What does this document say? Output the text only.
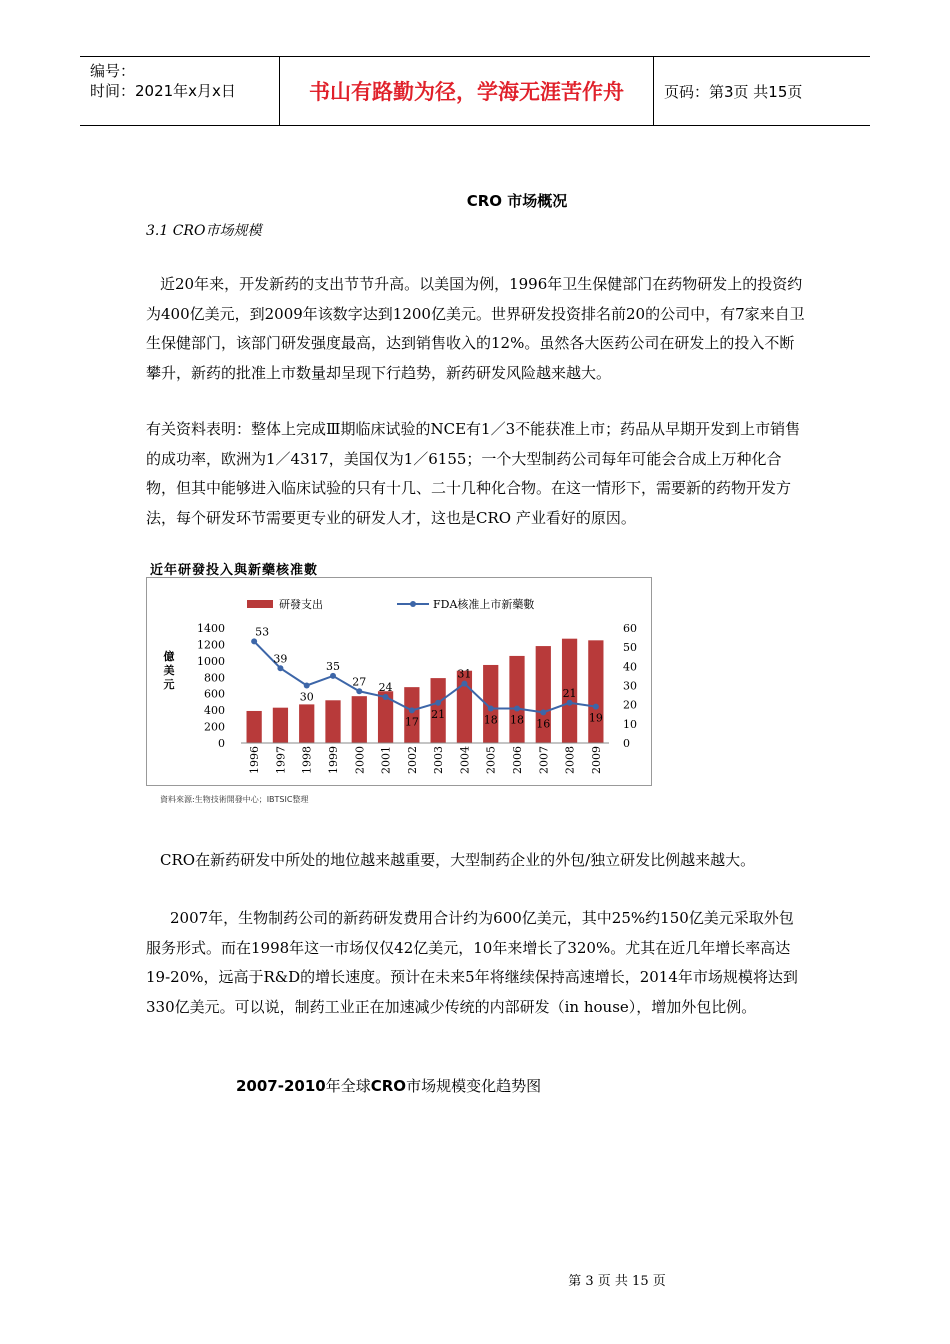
编号：
时间：2021年x月x日	书山有路勤为径，学海无涯苦作舟	页码：第3页 共15页
CRO 市场概况
3.1 CRO市场规模
近20年来，开发新药的支出节节升高。以美国为例，1996年卫生保健部门在药物研发上的投资约为400亿美元，到2009年该数字达到1200亿美元。世界研发投资排名前20的公司中，有7家来自卫生保健部门，该部门研发强度最高，达到销售收入的12%。虽然各大医药公司在研发上的投入不断攀升，新药的批准上市数量却呈现下行趋势，新药研发风险越来越大。
有关资料表明：整体上完成Ⅲ期临床试验的NCE有1／3不能获准上市；药品从早期开发到上市销售的成功率，欧洲为1／4317，美国仅为1／6155；一个大型制药公司每年可能会合成上万种化合物，但其中能够进入临床试验的只有十几、二十几种化合物。在这一情形下，需要新的药物开发方法，每个研发环节需要更专业的研发人才，这也是CRO 产业看好的原因。
近年研發投入與新藥核准數
研發支出	FDA核准上市新藥數
0
200
400
600
800
1000
1200
1400
0
10
20
30
40
50
60
億
美
元
1996 1997 1998 1999 2000 2001 2002 2003 2004 2005 2006 2007 2008 2009
53
39
30
35
27 24
17
21
31
18 18 16
21
19
資料來源:生物技術開發中心；IBTSIC整理
CRO在新药研发中所处的地位越来越重要，大型制药企业的外包/独立研发比例越来越大。
2007年，生物制药公司的新药研发费用合计约为600亿美元，其中25%约150亿美元采取外包服务形式。而在1998年这一市场仅仅42亿美元，10年来增长了320%。尤其在近几年增长率高达19-20%，远高于R&D的增长速度。预计在未来5年将继续保持高速增长，2014年市场规模将达到330亿美元。可以说，制药工业正在加速减少传统的内部研发（in house），增加外包比例。
2007-2010年全球CRO市场规模变化趋势图
第 3 页 共 15 页
